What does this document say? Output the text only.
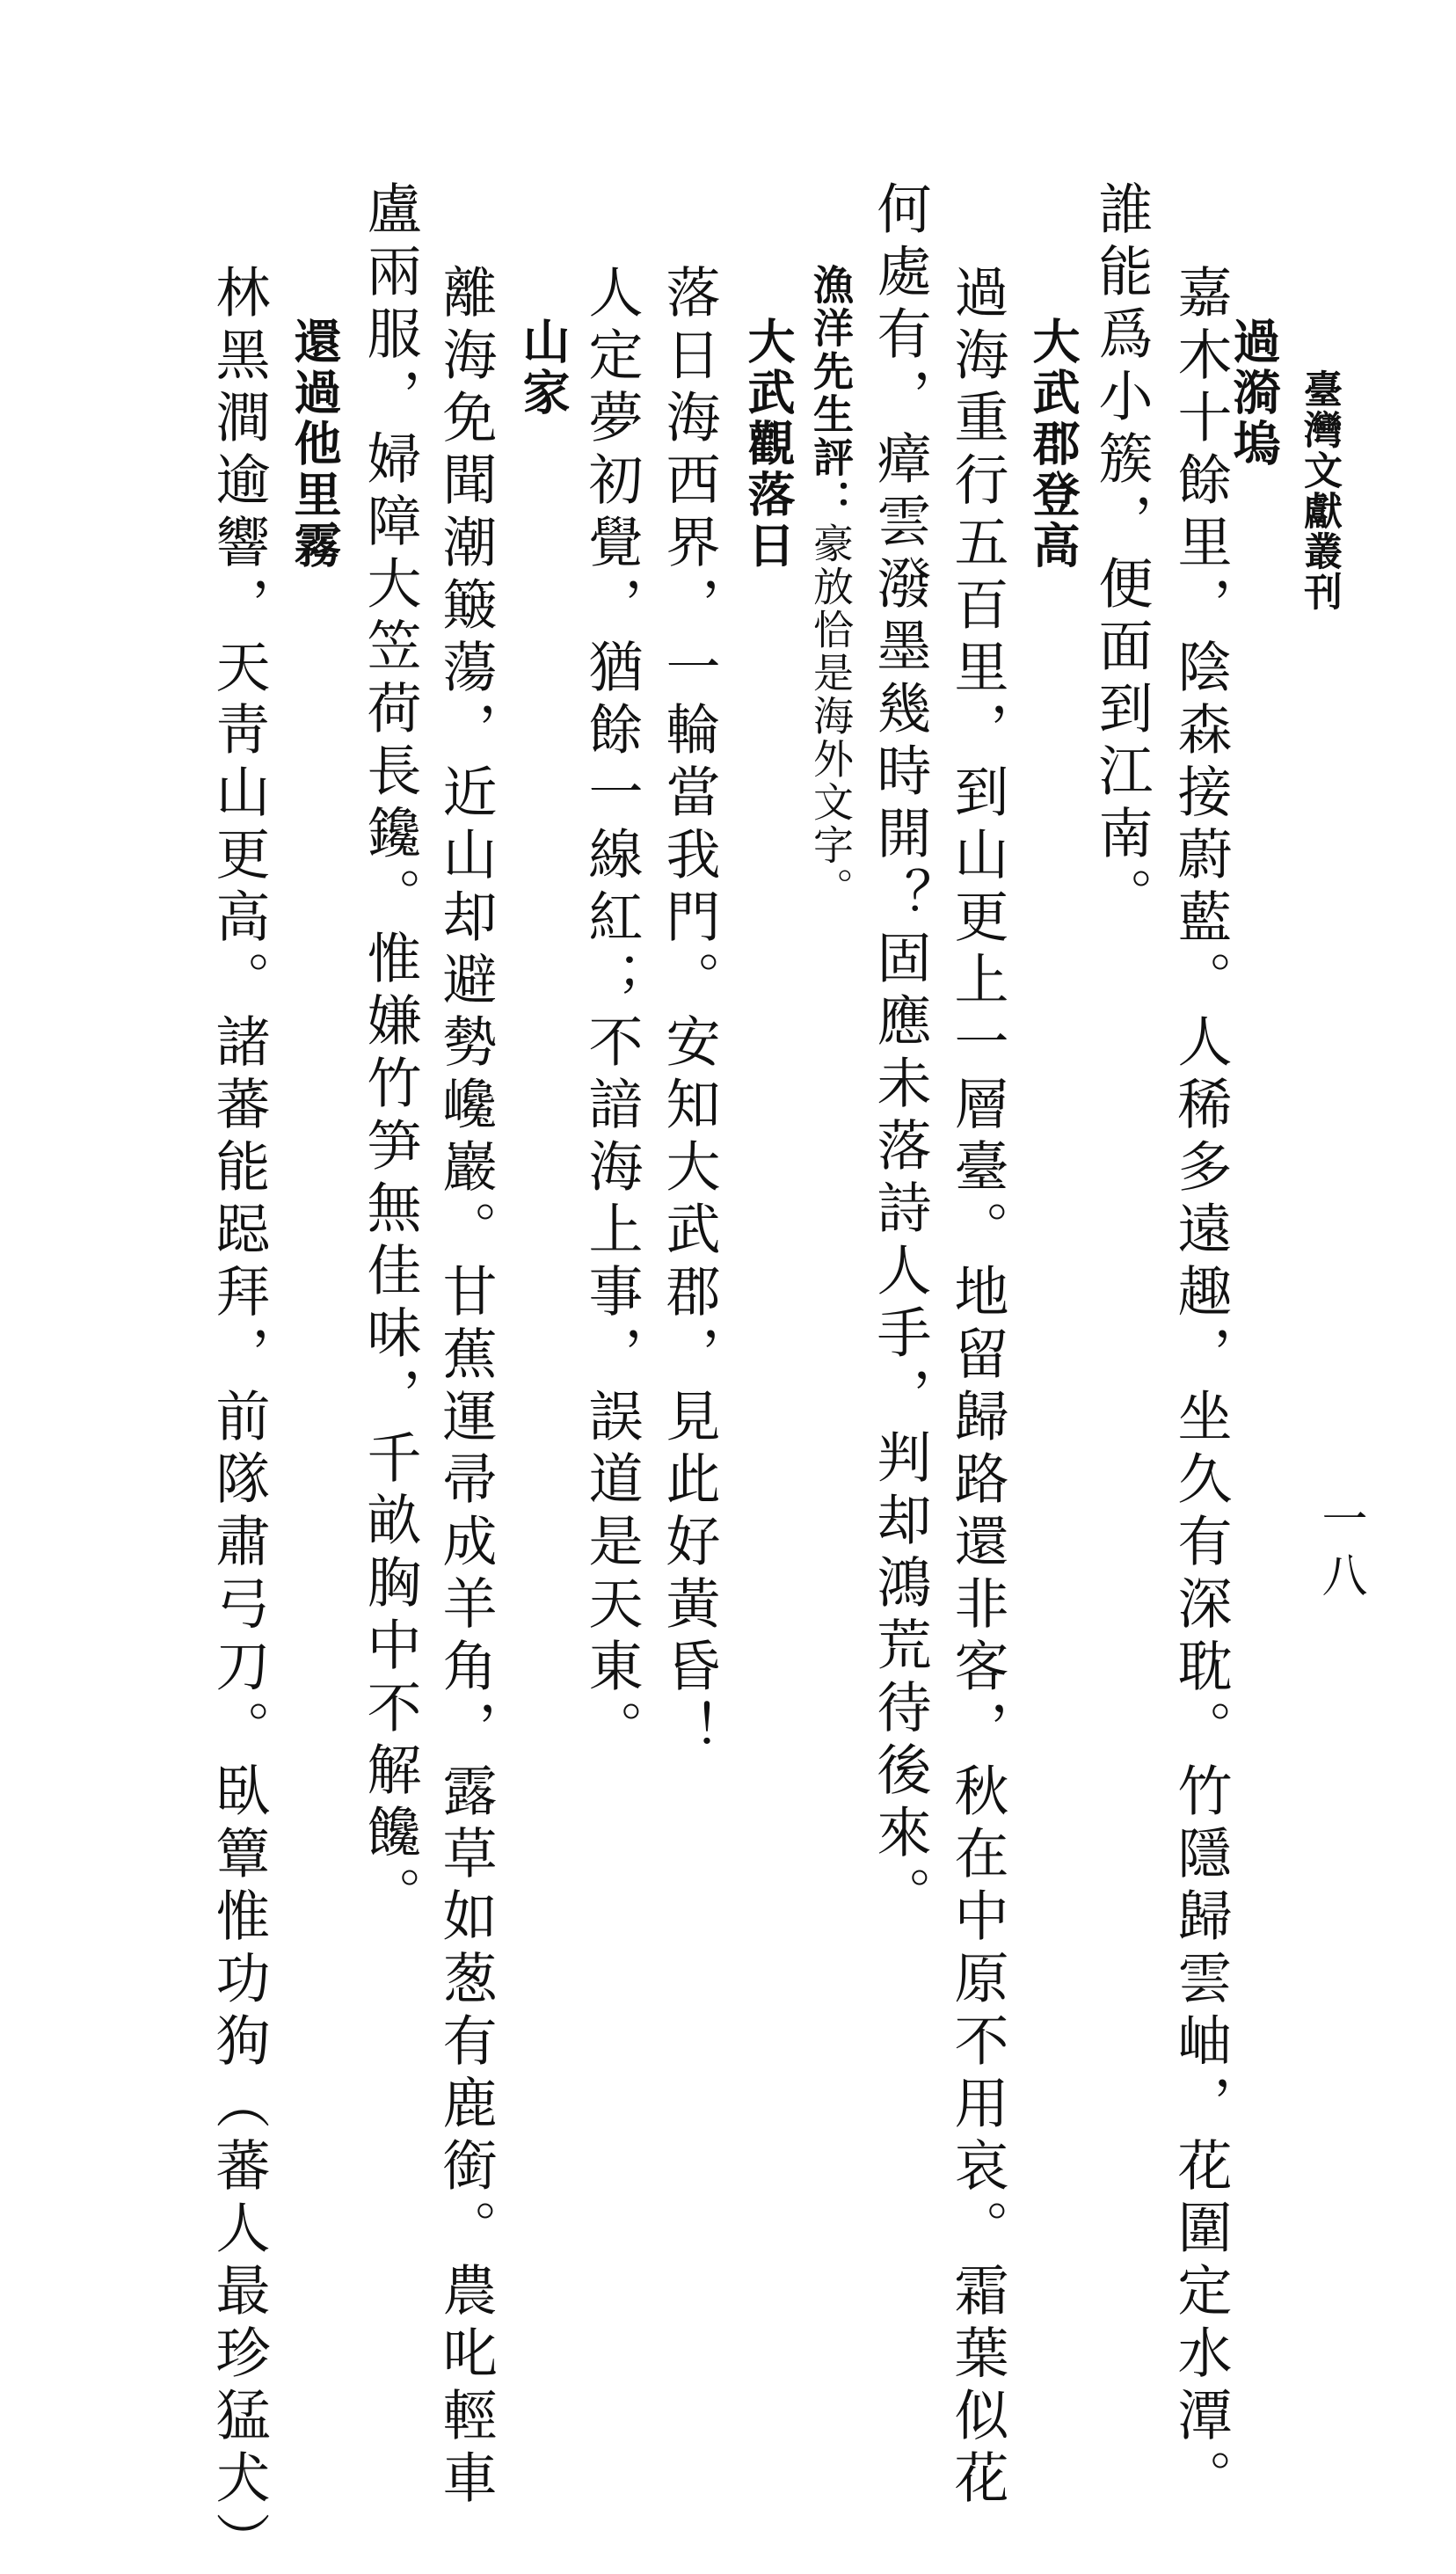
臺灣文獻叢刊
一八
過漪塢
嘉木十餘里，陰森接蔚藍。人稀多遠趣，坐久有深耽。竹隱歸雲岫，花圍定水潭。
誰能爲小簇，便面到江南。
大武郡登高
過海重行五百里，到山更上一層臺。地留歸路還非客，秋在中原不用哀。霜葉似花
何處有，瘴雲潑墨幾時開？固應未落詩人手，判却鴻荒待後來。
漁洋先生評：豪放恰是海外文字。
大武觀落日
落日海西界，一輪當我門。安知大武郡，見此好黃昏！
人定夢初覺，猶餘一線紅；不諳海上事，誤道是天東。
山家
離海免聞潮簸蕩，近山却避勢巉巖。甘蕉運帚成羊角，露草如葱有鹿銜。農叱輕車
盧兩服，婦障大笠荷長鑱。惟嫌竹笋無佳味，千畝胸中不解饞。
還過他里霧
林黑澗逾響，天靑山更高。諸蕃能跽拜，前隊肅弓刀。臥簟惟功狗（蕃人最珍猛犬）
